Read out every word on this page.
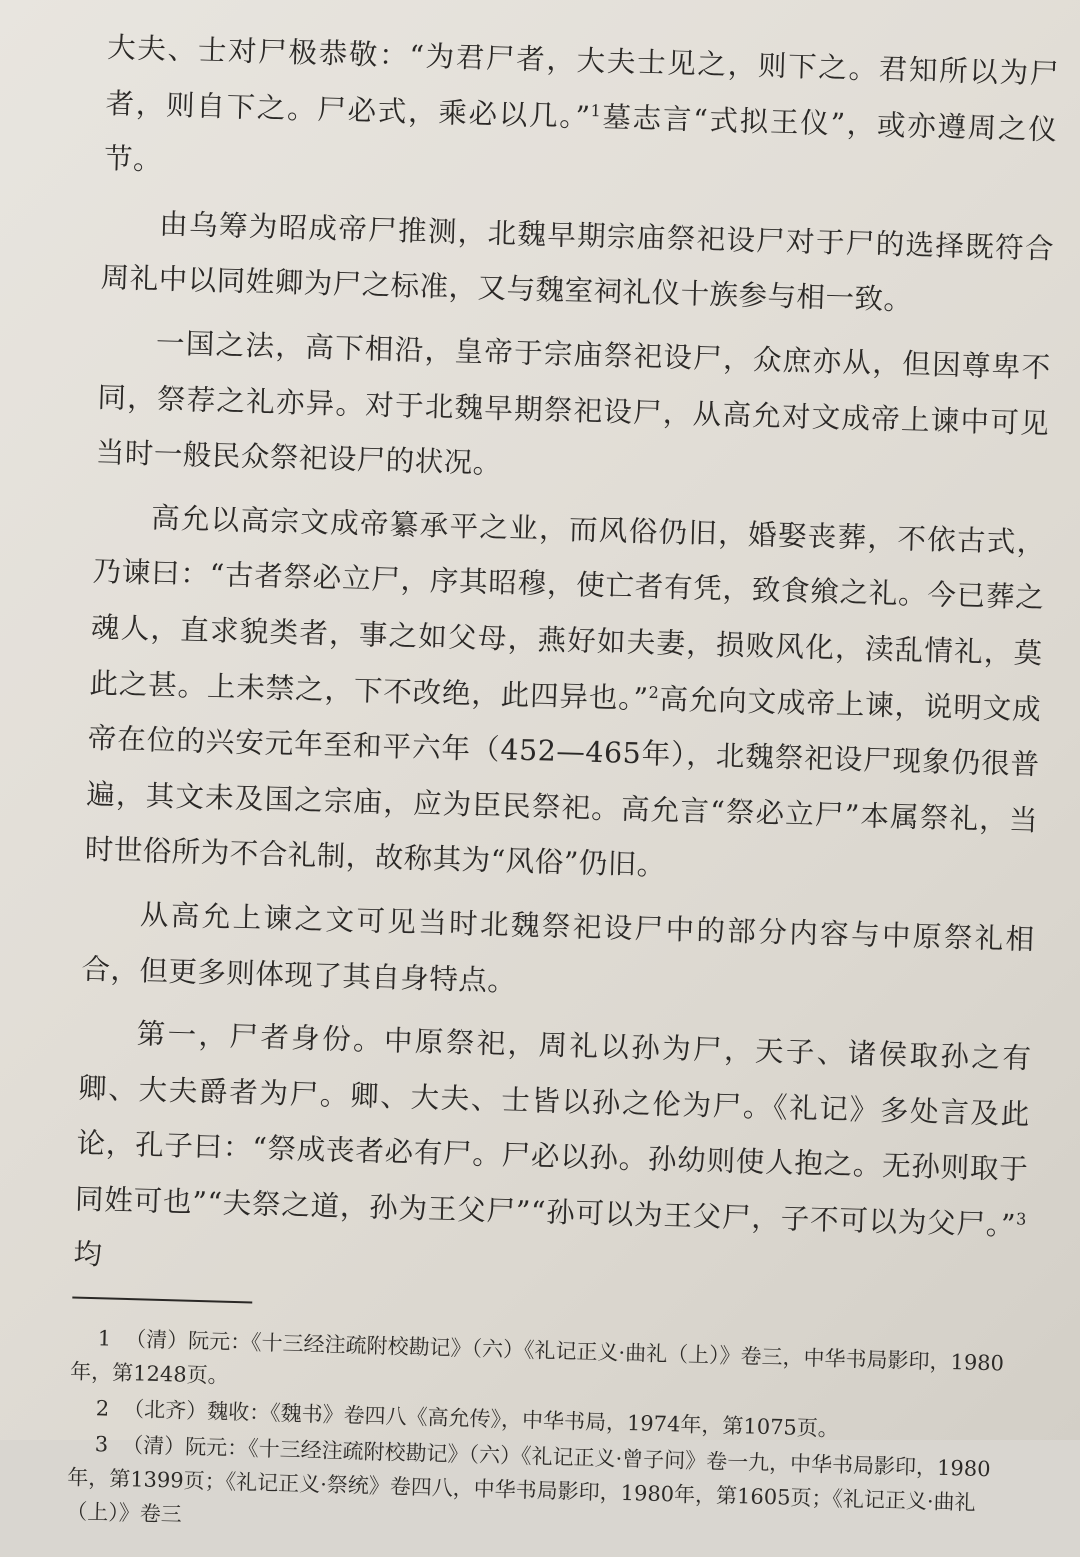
大夫、士对尸极恭敬：“为君尸者，大夫士见之，则下之。君知所以为尸者，则自下之。尸必式，乘必以几。”$^1$墓志言“式拟王仪”，或亦遵周之仪节。

由乌筹为昭成帝尸推测，北魏早期宗庙祭祀设尸对于尸的选择既符合周礼中以同姓卿为尸之标准，又与魏室祠礼仪十族参与相一致。

一国之法，高下相沿，皇帝于宗庙祭祀设尸，众庶亦从，但因尊卑不同，祭荐之礼亦异。对于北魏早期祭祀设尸，从高允对文成帝上谏中可见当时一般民众祭祀设尸的状况。

高允以高宗文成帝纂承平之业，而风俗仍旧，婚娶丧葬，不依古式，乃谏曰：“古者祭必立尸，序其昭穆，使亡者有凭，致食飨之礼。今已葬之魂人，直求貌类者，事之如父母，燕好如夫妻，损败风化，渎乱情礼，莫此之甚。上未禁之，下不改绝，此四异也。”$^2$高允向文成帝上谏，说明文成帝在位的兴安元年至和平六年（452—465年），北魏祭祀设尸现象仍很普遍，其文未及国之宗庙，应为臣民祭祀。高允言“祭必立尸”本属祭礼，当时世俗所为不合礼制，故称其为“风俗”仍旧。

从高允上谏之文可见当时北魏祭祀设尸中的部分内容与中原祭礼相合，但更多则体现了其自身特点。

第一，尸者身份。中原祭祀，周礼以孙为尸，天子、诸侯取孙之有卿、大夫爵者为尸。卿、大夫、士皆以孙之伦为尸。《礼记》多处言及此论，孔子曰：“祭成丧者必有尸。尸必以孙。孙幼则使人抱之。无孙则取于同姓可也”“夫祭之道，孙为王父尸”“孙可以为王父尸，子不可以为父尸。”$^3$均

1 （清）阮元：《十三经注疏附校勘记》（六）《礼记正义·曲礼（上）》卷三，中华书局影印，1980年，第1248页。
2 （北齐）魏收：《魏书》卷四八《高允传》，中华书局，1974年，第1075页。
3 （清）阮元：《十三经注疏附校勘记》（六）《礼记正义·曾子问》卷一九，中华书局影印，1980年，第1399页；《礼记正义·祭统》卷四八，中华书局影印，1980年，第1605页；《礼记正义·曲礼（上）》卷三
